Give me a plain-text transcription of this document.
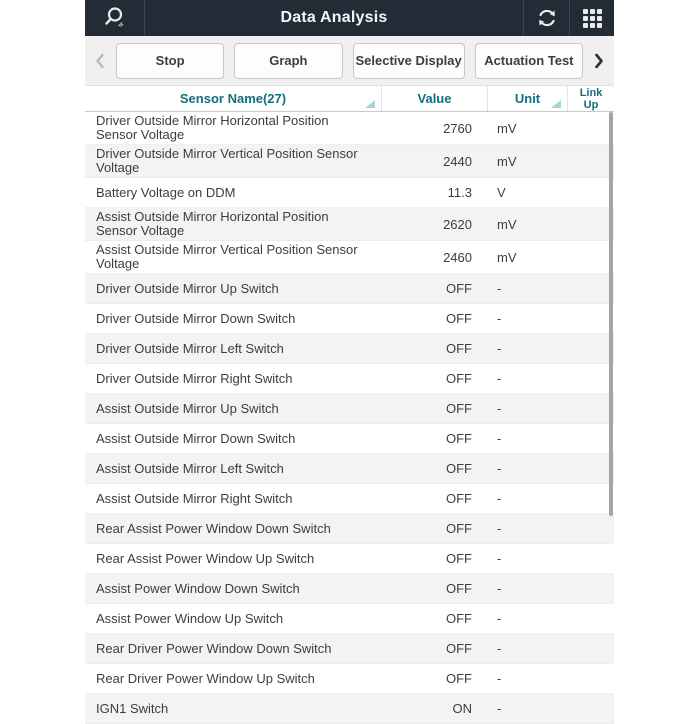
Data Analysis
Stop	Graph	Selective Display	Actuation Test
Sensor Name(27)	Value	Unit	Link Up
Driver Outside Mirror Horizontal Position Sensor Voltage	2760	mV
Driver Outside Mirror Vertical Position Sensor Voltage	2440	mV
Battery Voltage on DDM	11.3	V
Assist Outside Mirror Horizontal Position Sensor Voltage	2620	mV
Assist Outside Mirror Vertical Position Sensor Voltage	2460	mV
Driver Outside Mirror Up Switch	OFF	-
Driver Outside Mirror Down Switch	OFF	-
Driver Outside Mirror Left Switch	OFF	-
Driver Outside Mirror Right Switch	OFF	-
Assist Outside Mirror Up Switch	OFF	-
Assist Outside Mirror Down Switch	OFF	-
Assist Outside Mirror Left Switch	OFF	-
Assist Outside Mirror Right Switch	OFF	-
Rear Assist Power Window Down Switch	OFF	-
Rear Assist Power Window Up Switch	OFF	-
Assist Power Window Down Switch	OFF	-
Assist Power Window Up Switch	OFF	-
Rear Driver Power Window Down Switch	OFF	-
Rear Driver Power Window Up Switch	OFF	-
IGN1 Switch	ON	-
